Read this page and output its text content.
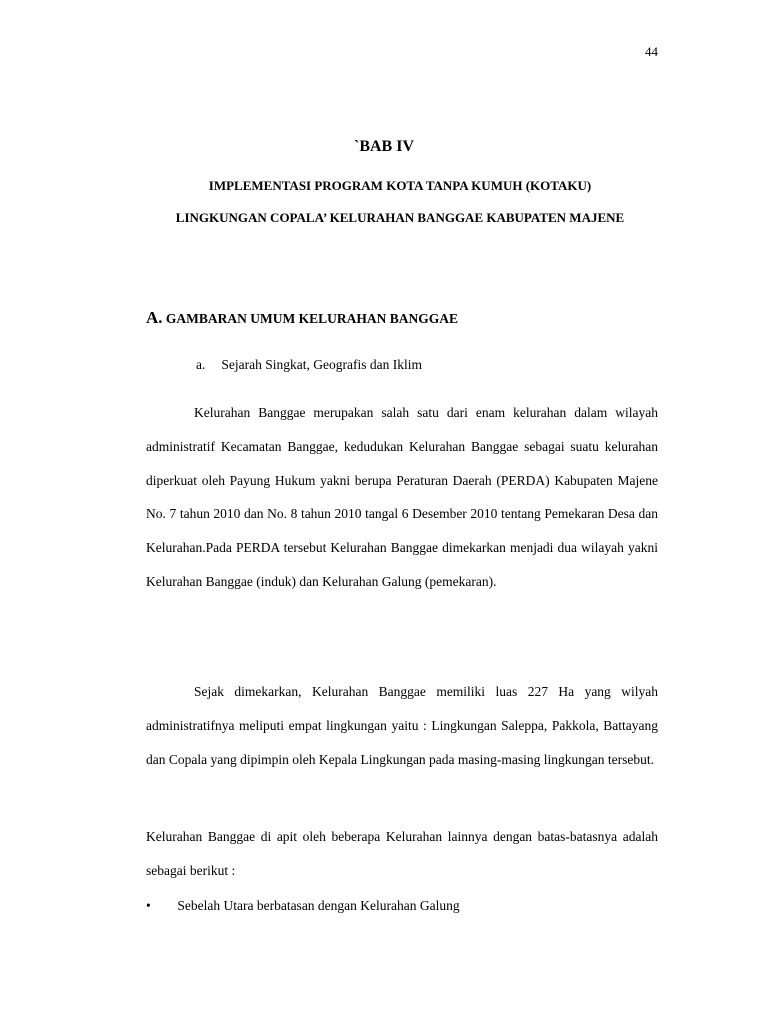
44
`BAB IV
IMPLEMENTASI PROGRAM KOTA TANPA KUMUH (KOTAKU)
LINGKUNGAN COPALA’ KELURAHAN BANGGAE KABUPATEN MAJENE
A. GAMBARAN UMUM KELURAHAN BANGGAE
a. Sejarah Singkat, Geografis dan Iklim

Kelurahan Banggae merupakan salah satu dari enam kelurahan dalam wilayah administratif Kecamatan Banggae, kedudukan Kelurahan Banggae sebagai suatu kelurahan diperkuat oleh Payung Hukum yakni berupa Peraturan Daerah (PERDA) Kabupaten Majene No. 7 tahun 2010 dan No. 8 tahun 2010 tangal 6 Desember 2010 tentang Pemekaran Desa dan Kelurahan.Pada PERDA tersebut Kelurahan Banggae dimekarkan menjadi dua wilayah yakni Kelurahan Banggae (induk) dan Kelurahan Galung (pemekaran).

Sejak dimekarkan, Kelurahan Banggae memiliki luas 227 Ha yang wilyah administratifnya meliputi empat lingkungan yaitu : Lingkungan Saleppa, Pakkola, Battayang dan Copala yang dipimpin oleh Kepala Lingkungan pada masing-masing lingkungan tersebut.

Kelurahan Banggae di apit oleh beberapa Kelurahan lainnya dengan batas-batasnya adalah sebagai berikut :

• Sebelah Utara berbatasan dengan Kelurahan Galung
